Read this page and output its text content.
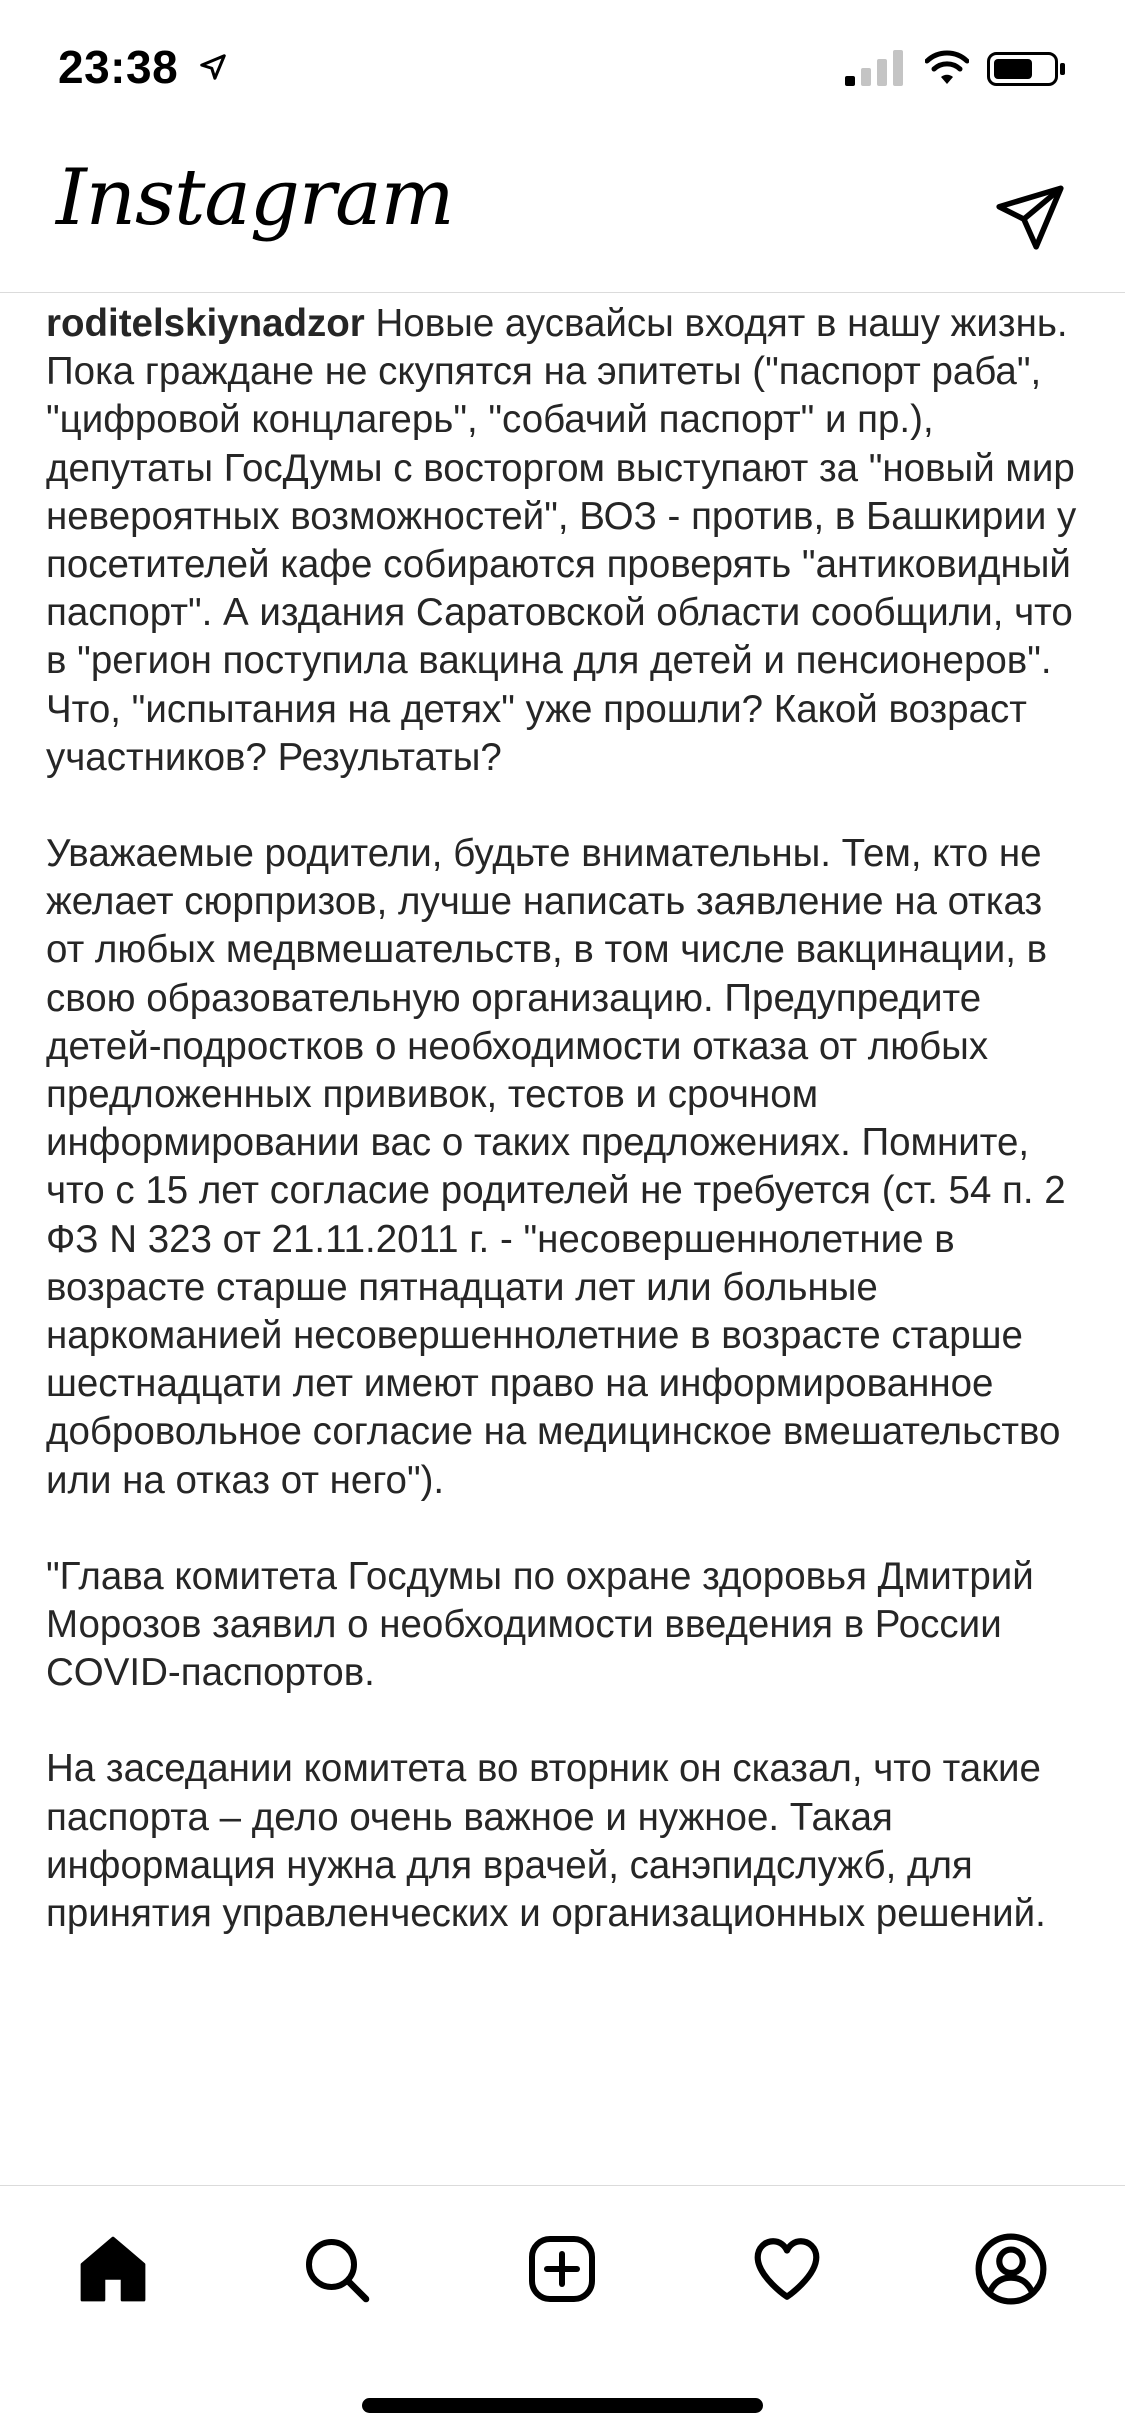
23:38
Instagram

roditelskiynadzor Новые аусвайсы входят в нашу жизнь. Пока граждане не скупятся на эпитеты ("паспорт раба", "цифровой концлагерь", "собачий паспорт" и пр.), депутаты ГосДумы с восторгом выступают за "новый мир невероятных возможностей", ВОЗ - против, в Башкирии у посетителей кафе собираются проверять "антиковидный паспорт". А издания Саратовской области сообщили, что в "регион поступила вакцина для детей и пенсионеров". Что, "испытания на детях" уже прошли? Какой возраст участников? Результаты?

Уважаемые родители, будьте внимательны. Тем, кто не желает сюрпризов, лучше написать заявление на отказ от любых медвмешательств, в том числе вакцинации, в свою образовательную организацию. Предупредите детей-подростков о необходимости отказа от любых предложенных прививок, тестов и срочном информировании вас о таких предложениях. Помните, что с 15 лет согласие родителей не требуется (ст. 54 п. 2 ФЗ N 323 от 21.11.2011 г. - "несовершеннолетние в возрасте старше пятнадцати лет или больные наркоманией несовершеннолетние в возрасте старше шестнадцати лет имеют право на информированное добровольное согласие на медицинское вмешательство или на отказ от него").

"Глава комитета Госдумы по охране здоровья Дмитрий Морозов заявил о необходимости введения в России COVID-паспортов.

На заседании комитета во вторник он сказал, что такие паспорта – дело очень важное и нужное. Такая информация нужна для врачей, санэпидслужб, для принятия управленческих и организационных решений.
